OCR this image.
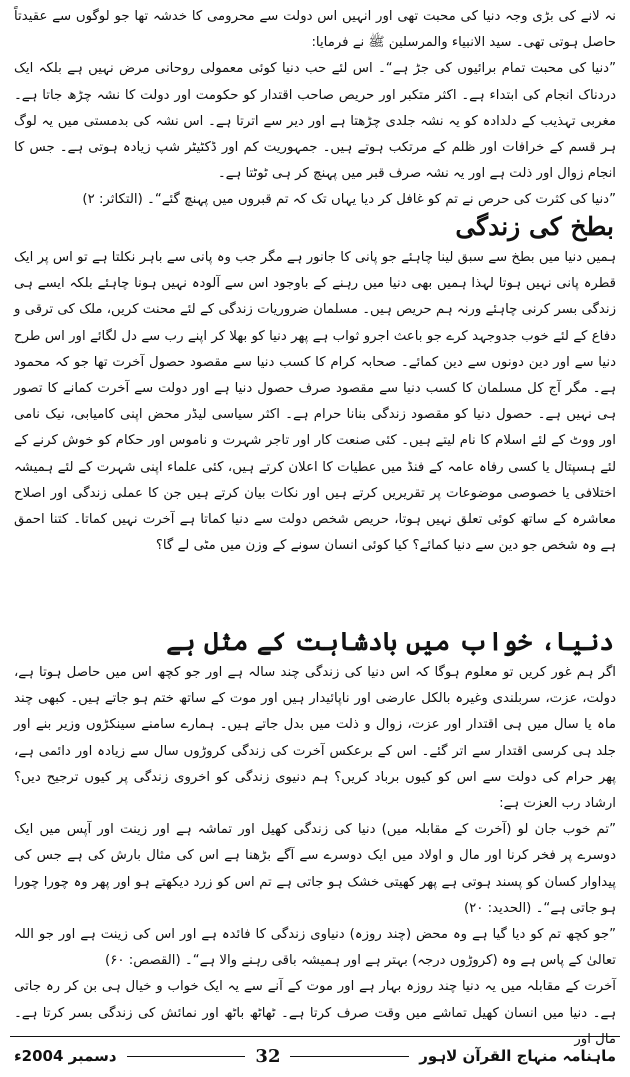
نہ لانے کی بڑی وجہ دنیا کی محبت تھی اور انہیں اس دولت سے محرومی کا خدشہ تھا جو لوگوں سے عقیدتاً حاصل ہوتی تھی۔ سید الانبیاء والمرسلین ﷺ نے فرمایا:

”دنیا کی محبت تمام برائیوں کی جڑ ہے“۔ اس لئے حب دنیا کوئی معمولی روحانی مرض نہیں ہے بلکہ ایک دردناک انجام کی ابتداء ہے۔ اکثر متکبر اور حریص صاحب اقتدار کو حکومت اور دولت کا نشہ چڑھ جاتا ہے۔ مغربی تہذیب کے دلدادہ کو یہ نشہ جلدی چڑھتا ہے اور دیر سے اترتا ہے۔ اس نشہ کی بدمستی میں یہ لوگ ہر قسم کے خرافات اور ظلم کے مرتکب ہوتے ہیں۔ جمہوریت کم اور ڈکٹیٹر شپ زیادہ ہوتی ہے۔ جس کا انجام زوال اور ذلت ہے اور یہ نشہ صرف قبر میں پہنچ کر ہی ٹوٹتا ہے۔

”دنیا کی کثرت کی حرص نے تم کو غافل کر دیا یہاں تک کہ تم قبروں میں پہنچ گئے“۔ (التکاثر: ۲)

بطخ کی زندگی

ہمیں دنیا میں بطخ سے سبق لینا چاہئے جو پانی کا جانور ہے مگر جب وہ پانی سے باہر نکلتا ہے تو اس پر ایک قطرہ پانی نہیں ہوتا لہذا ہمیں بھی دنیا میں رہنے کے باوجود اس سے آلودہ نہیں ہونا چاہئے بلکہ ایسے ہی زندگی بسر کرنی چاہئے ورنہ ہم حریص ہیں۔ مسلمان ضروریات زندگی کے لئے محنت کریں، ملک کی ترقی و دفاع کے لئے خوب جدوجہد کرے جو باعث اجرو ثواب ہے پھر دنیا کو بھلا کر اپنے رب سے دل لگائے اور اس طرح دنیا سے اور دین دونوں سے دین کمائے۔ صحابہ کرام کا کسب دنیا سے مقصود حصول آخرت تھا جو کہ محمود ہے۔ مگر آج کل مسلمان کا کسب دنیا سے مقصود صرف حصول دنیا ہے اور دولت سے آخرت کمانے کا تصور ہی نہیں ہے۔ حصول دنیا کو مقصود زندگی بنانا حرام ہے۔ اکثر سیاسی لیڈر محض اپنی کامیابی، نیک نامی اور ووٹ کے لئے اسلام کا نام لیتے ہیں۔ کئی صنعت کار اور تاجر شہرت و ناموس اور حکام کو خوش کرنے کے لئے ہسپتال یا کسی رفاہ عامہ کے فنڈ میں عطیات کا اعلان کرتے ہیں، کئی علماء اپنی شہرت کے لئے ہمیشہ اختلافی یا خصوصی موضوعات پر تقریریں کرتے ہیں اور نکات بیان کرتے ہیں جن کا عملی زندگی اور اصلاح معاشرہ کے ساتھ کوئی تعلق نہیں ہوتا، حریص شخص دولت سے دنیا کماتا ہے آخرت نہیں کماتا۔ کتنا احمق ہے وہ شخص جو دین سے دنیا کمائے؟ کیا کوئی انسان سونے کے وزن میں مٹی لے گا؟

دنیا، خواب میں بادشاہت کے مثل ہے

اگر ہم غور کریں تو معلوم ہوگا کہ اس دنیا کی زندگی چند سالہ ہے اور جو کچھ اس میں حاصل ہوتا ہے، دولت، عزت، سربلندی وغیرہ بالکل عارضی اور ناپائیدار ہیں اور موت کے ساتھ ختم ہو جاتے ہیں۔ کبھی چند ماہ یا سال میں ہی اقتدار اور عزت، زوال و ذلت میں بدل جاتے ہیں۔ ہمارے سامنے سینکڑوں وزیر بنے اور جلد ہی کرسی اقتدار سے اتر گئے۔ اس کے برعکس آخرت کی زندگی کروڑوں سال سے زیادہ اور دائمی ہے، پھر حرام کی دولت سے اس کو کیوں برباد کریں؟ ہم دنیوی زندگی کو اخروی زندگی پر کیوں ترجیح دیں؟ ارشاد رب العزت ہے:

”تم خوب جان لو (آخرت کے مقابلہ میں) دنیا کی زندگی کھیل اور تماشہ ہے اور زینت اور آپس میں ایک دوسرے پر فخر کرنا اور مال و اولاد میں ایک دوسرے سے آگے بڑھنا ہے اس کی مثال بارش کی ہے جس کی پیداوار کسان کو پسند ہوتی ہے پھر کھیتی خشک ہو جاتی ہے تم اس کو زرد دیکھتے ہو اور پھر وہ چورا چورا ہو جاتی ہے“۔ (الحدید: ۲۰)

”جو کچھ تم کو دیا گیا ہے وہ محض (چند روزہ) دنیاوی زندگی کا فائدہ ہے اور اس کی زینت ہے اور جو اللہ تعالیٰ کے پاس ہے وہ (کروڑوں درجہ) بہتر ہے اور ہمیشہ باقی رہنے والا ہے“۔ (القصص: ۶۰)

آخرت کے مقابلہ میں یہ دنیا چند روزہ بہار ہے اور موت کے آنے سے یہ ایک خواب و خیال ہی بن کر رہ جاتی ہے۔ دنیا میں انسان کھیل تماشے میں وقت صرف کرتا ہے۔ ٹھاٹھ باٹھ اور نمائش کی زندگی بسر کرتا ہے۔ مال اور

دسمبر 2004ء	32	ماہنامہ منہاج القرآن لاہور
